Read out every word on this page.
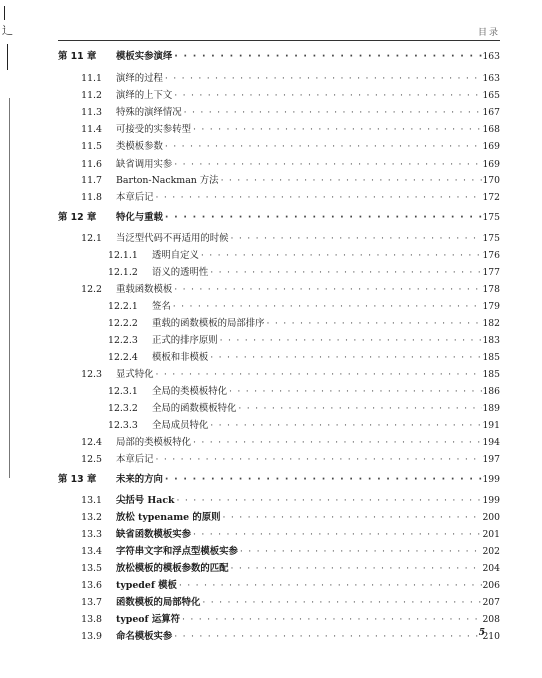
辶	目录
第 11 章	模板实参演绎 · · ·	163
11.1	演绎的过程 · · ·	163
11.2	演绎的上下文 · · ·	165
11.3	特殊的演绎情况 · · ·	167
11.4	可接受的实参转型 · · ·	168
11.5	类模板参数 · · ·	169
11.6	缺省调用实参 · · ·	169
11.7	Barton-Nackman 方法 · · ·	170
11.8	本章后记 · · ·	172
第 12 章	特化与重载 · · ·	175
12.1	当泛型代码不再适用的时候 · · ·	175
12.1.1	透明自定义 · · ·	176
12.1.2	语义的透明性 · · ·	177
12.2	重载函数模板 · · ·	178
12.2.1	签名 · · ·	179
12.2.2	重载的函数模板的局部排序 · · ·	182
12.2.3	正式的排序原则 · · ·	183
12.2.4	模板和非模板 · · ·	185
12.3	显式特化 · · ·	185
12.3.1	全局的类模板特化 · · ·	186
12.3.2	全局的函数模板特化 · · ·	189
12.3.3	全局成员特化 · · ·	191
12.4	局部的类模板特化 · · ·	194
12.5	本章后记 · · ·	197
第 13 章	未来的方向 · · ·	199
13.1	尖括号 Hack · · ·	199
13.2	放松 typename 的原则 · · ·	200
13.3	缺省函数模板实参 · · ·	201
13.4	字符串文字和浮点型模板实参 · · ·	202
13.5	放松模板的模板参数的匹配 · · ·	204
13.6	typedef 模板 · · ·	206
13.7	函数模板的局部特化 · · ·	207
13.8	typeof 运算符 · · ·	208
13.9	命名模板实参 · · ·	210
5
